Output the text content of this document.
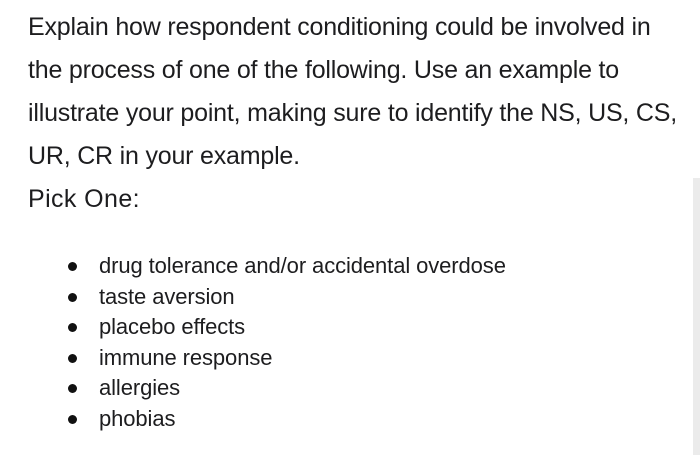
Explain how respondent conditioning could be involved in the process of one of the following. Use an example to illustrate your point, making sure to identify the NS, US, CS, UR, CR in your example.

Pick One:

drug tolerance and/or accidental overdose
taste aversion
placebo effects
immune response
allergies
phobias
